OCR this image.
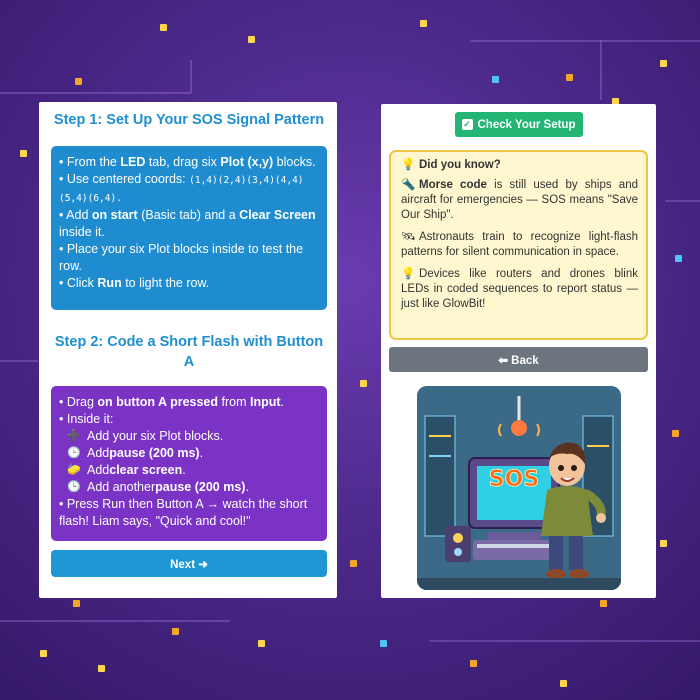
Step 1: Set Up Your SOS Signal Pattern
• From the LED tab, drag six Plot (x,y) blocks.
• Use centered coords: (1,4)(2,4)(3,4)(4,4)(5,4)(6,4).
• Add on start (Basic tab) and a Clear Screen inside it.
• Place your six Plot blocks inside to test the row.
• Click Run to light the row.
Step 2: Code a Short Flash with Button A
• Drag on button A pressed from Input.
• Inside it:
➕ Add your six Plot blocks.
🕒 Add pause (200 ms) .
🧽 Add clear screen .
🕒 Add another pause (200 ms) .
• Press Run then Button A → watch the short flash! Liam says, "Quick and cool!"
Next ➜
✓ Check Your Setup

💡 Did you know?

🔦 Morse code is still used by ships and aircraft for emergencies — SOS means "Save Our Ship".

🛰 Astronauts train to recognize light-flash patterns for silent communication in space.

💡 Devices like routers and drones blink LEDs in coded sequences to report status — just like GlowBit!

⬅ Back
SOS
